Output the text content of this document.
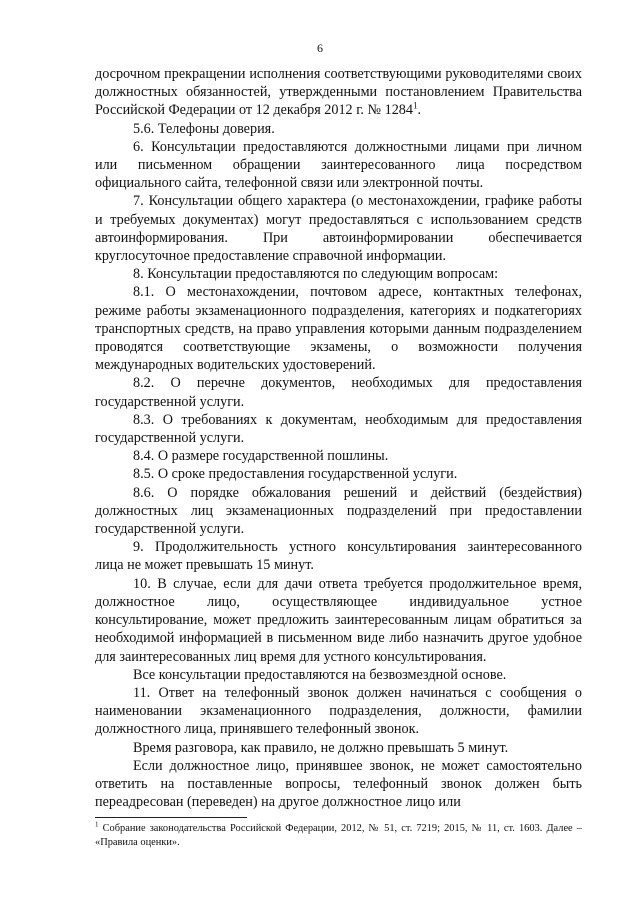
6

досрочном прекращении исполнения соответствующими руководителями своих должностных обязанностей, утвержденными постановлением Правительства Российской Федерации от 12 декабря 2012 г. № 1284$^1$.

5.6. Телефоны доверия.

6. Консультации предоставляются должностными лицами при личном или письменном обращении заинтересованного лица посредством официального сайта, телефонной связи или электронной почты.

7. Консультации общего характера (о местонахождении, графике работы и требуемых документах) могут предоставляться с использованием средств автоинформирования. При автоинформировании обеспечивается круглосуточное предоставление справочной информации.

8. Консультации предоставляются по следующим вопросам:

8.1. О местонахождении, почтовом адресе, контактных телефонах, режиме работы экзаменационного подразделения, категориях и подкатегориях транспортных средств, на право управления которыми данным подразделением проводятся соответствующие экзамены, о возможности получения международных водительских удостоверений.

8.2. О перечне документов, необходимых для предоставления государственной услуги.

8.3. О требованиях к документам, необходимым для предоставления государственной услуги.

8.4. О размере государственной пошлины.

8.5. О сроке предоставления государственной услуги.

8.6. О порядке обжалования решений и действий (бездействия) должностных лиц экзаменационных подразделений при предоставлении государственной услуги.

9. Продолжительность устного консультирования заинтересованного лица не может превышать 15 минут.

10. В случае, если для дачи ответа требуется продолжительное время, должностное лицо, осуществляющее индивидуальное устное консультирование, может предложить заинтересованным лицам обратиться за необходимой информацией в письменном виде либо назначить другое удобное для заинтересованных лиц время для устного консультирования.

Все консультации предоставляются на безвозмездной основе.

11. Ответ на телефонный звонок должен начинаться с сообщения о наименовании экзаменационного подразделения, должности, фамилии должностного лица, принявшего телефонный звонок.

Время разговора, как правило, не должно превышать 5 минут.

Если должностное лицо, принявшее звонок, не может самостоятельно ответить на поставленные вопросы, телефонный звонок должен быть переадресован (переведен) на другое должностное лицо или

$^1$ Собрание законодательства Российской Федерации, 2012, № 51, ст. 7219; 2015, № 11, ст. 1603. Далее – «Правила оценки».
